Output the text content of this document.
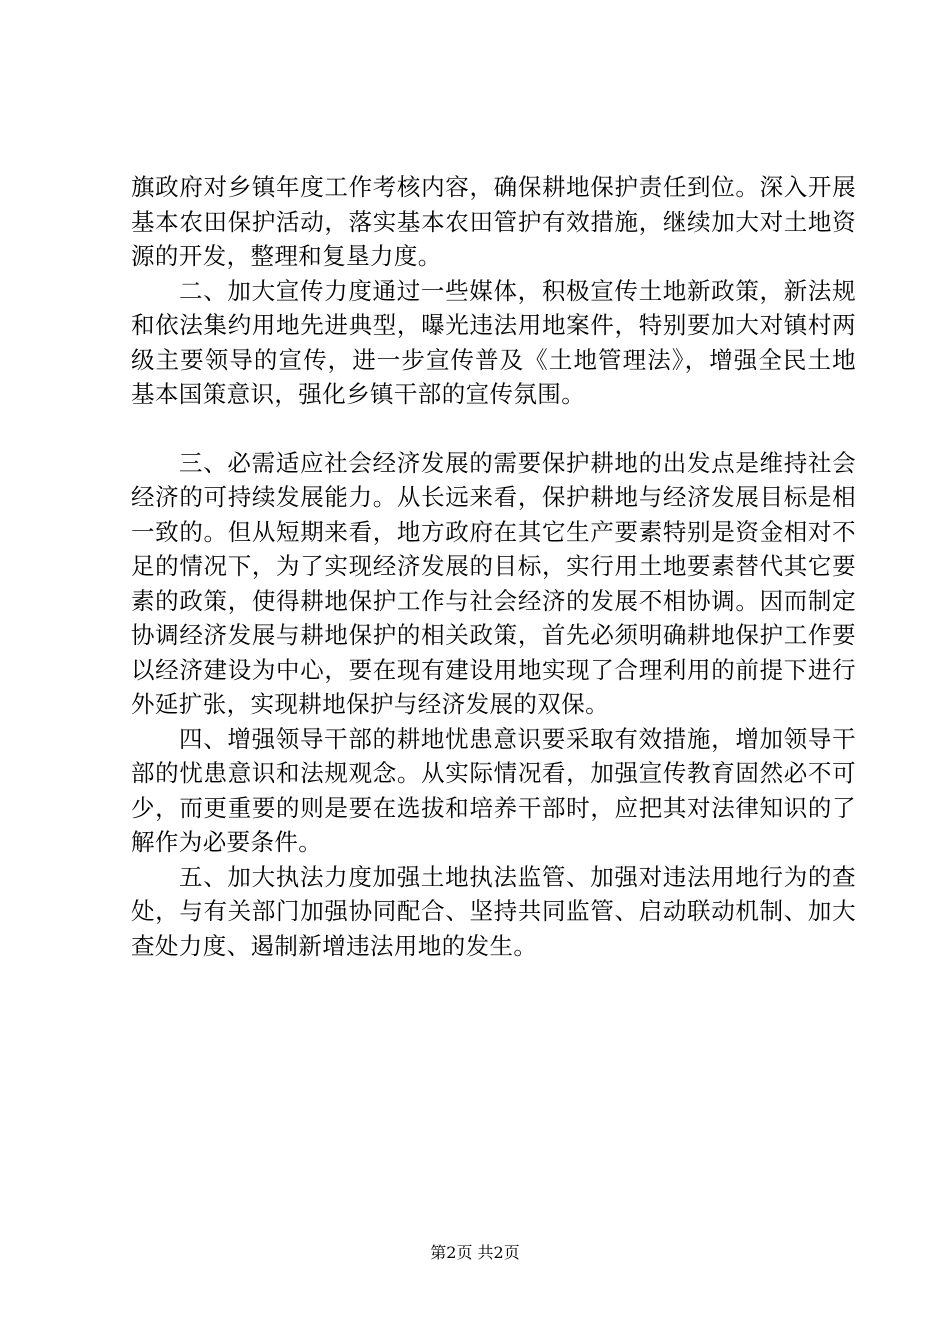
旗政府对乡镇年度工作考核内容，确保耕地保护责任到位。深入开展基本农田保护活动，落实基本农田管护有效措施，继续加大对土地资源的开发，整理和复垦力度。

二、加大宣传力度通过一些媒体，积极宣传土地新政策，新法规和依法集约用地先进典型，曝光违法用地案件，特别要加大对镇村两级主要领导的宣传，进一步宣传普及《土地管理法》，增强全民土地基本国策意识，强化乡镇干部的宣传氛围。

三、必需适应社会经济发展的需要保护耕地的出发点是维持社会经济的可持续发展能力。从长远来看，保护耕地与经济发展目标是相一致的。但从短期来看，地方政府在其它生产要素特别是资金相对不足的情况下，为了实现经济发展的目标，实行用土地要素替代其它要素的政策，使得耕地保护工作与社会经济的发展不相协调。因而制定协调经济发展与耕地保护的相关政策，首先必须明确耕地保护工作要以经济建设为中心，要在现有建设用地实现了合理利用的前提下进行外延扩张，实现耕地保护与经济发展的双保。

四、增强领导干部的耕地忧患意识要采取有效措施，增加领导干部的忧患意识和法规观念。从实际情况看，加强宣传教育固然必不可少，而更重要的则是要在选拔和培养干部时，应把其对法律知识的了解作为必要条件。

五、加大执法力度加强土地执法监管、加强对违法用地行为的查处，与有关部门加强协同配合、坚持共同监管、启动联动机制、加大查处力度、遏制新增违法用地的发生。

第2页 共2页
